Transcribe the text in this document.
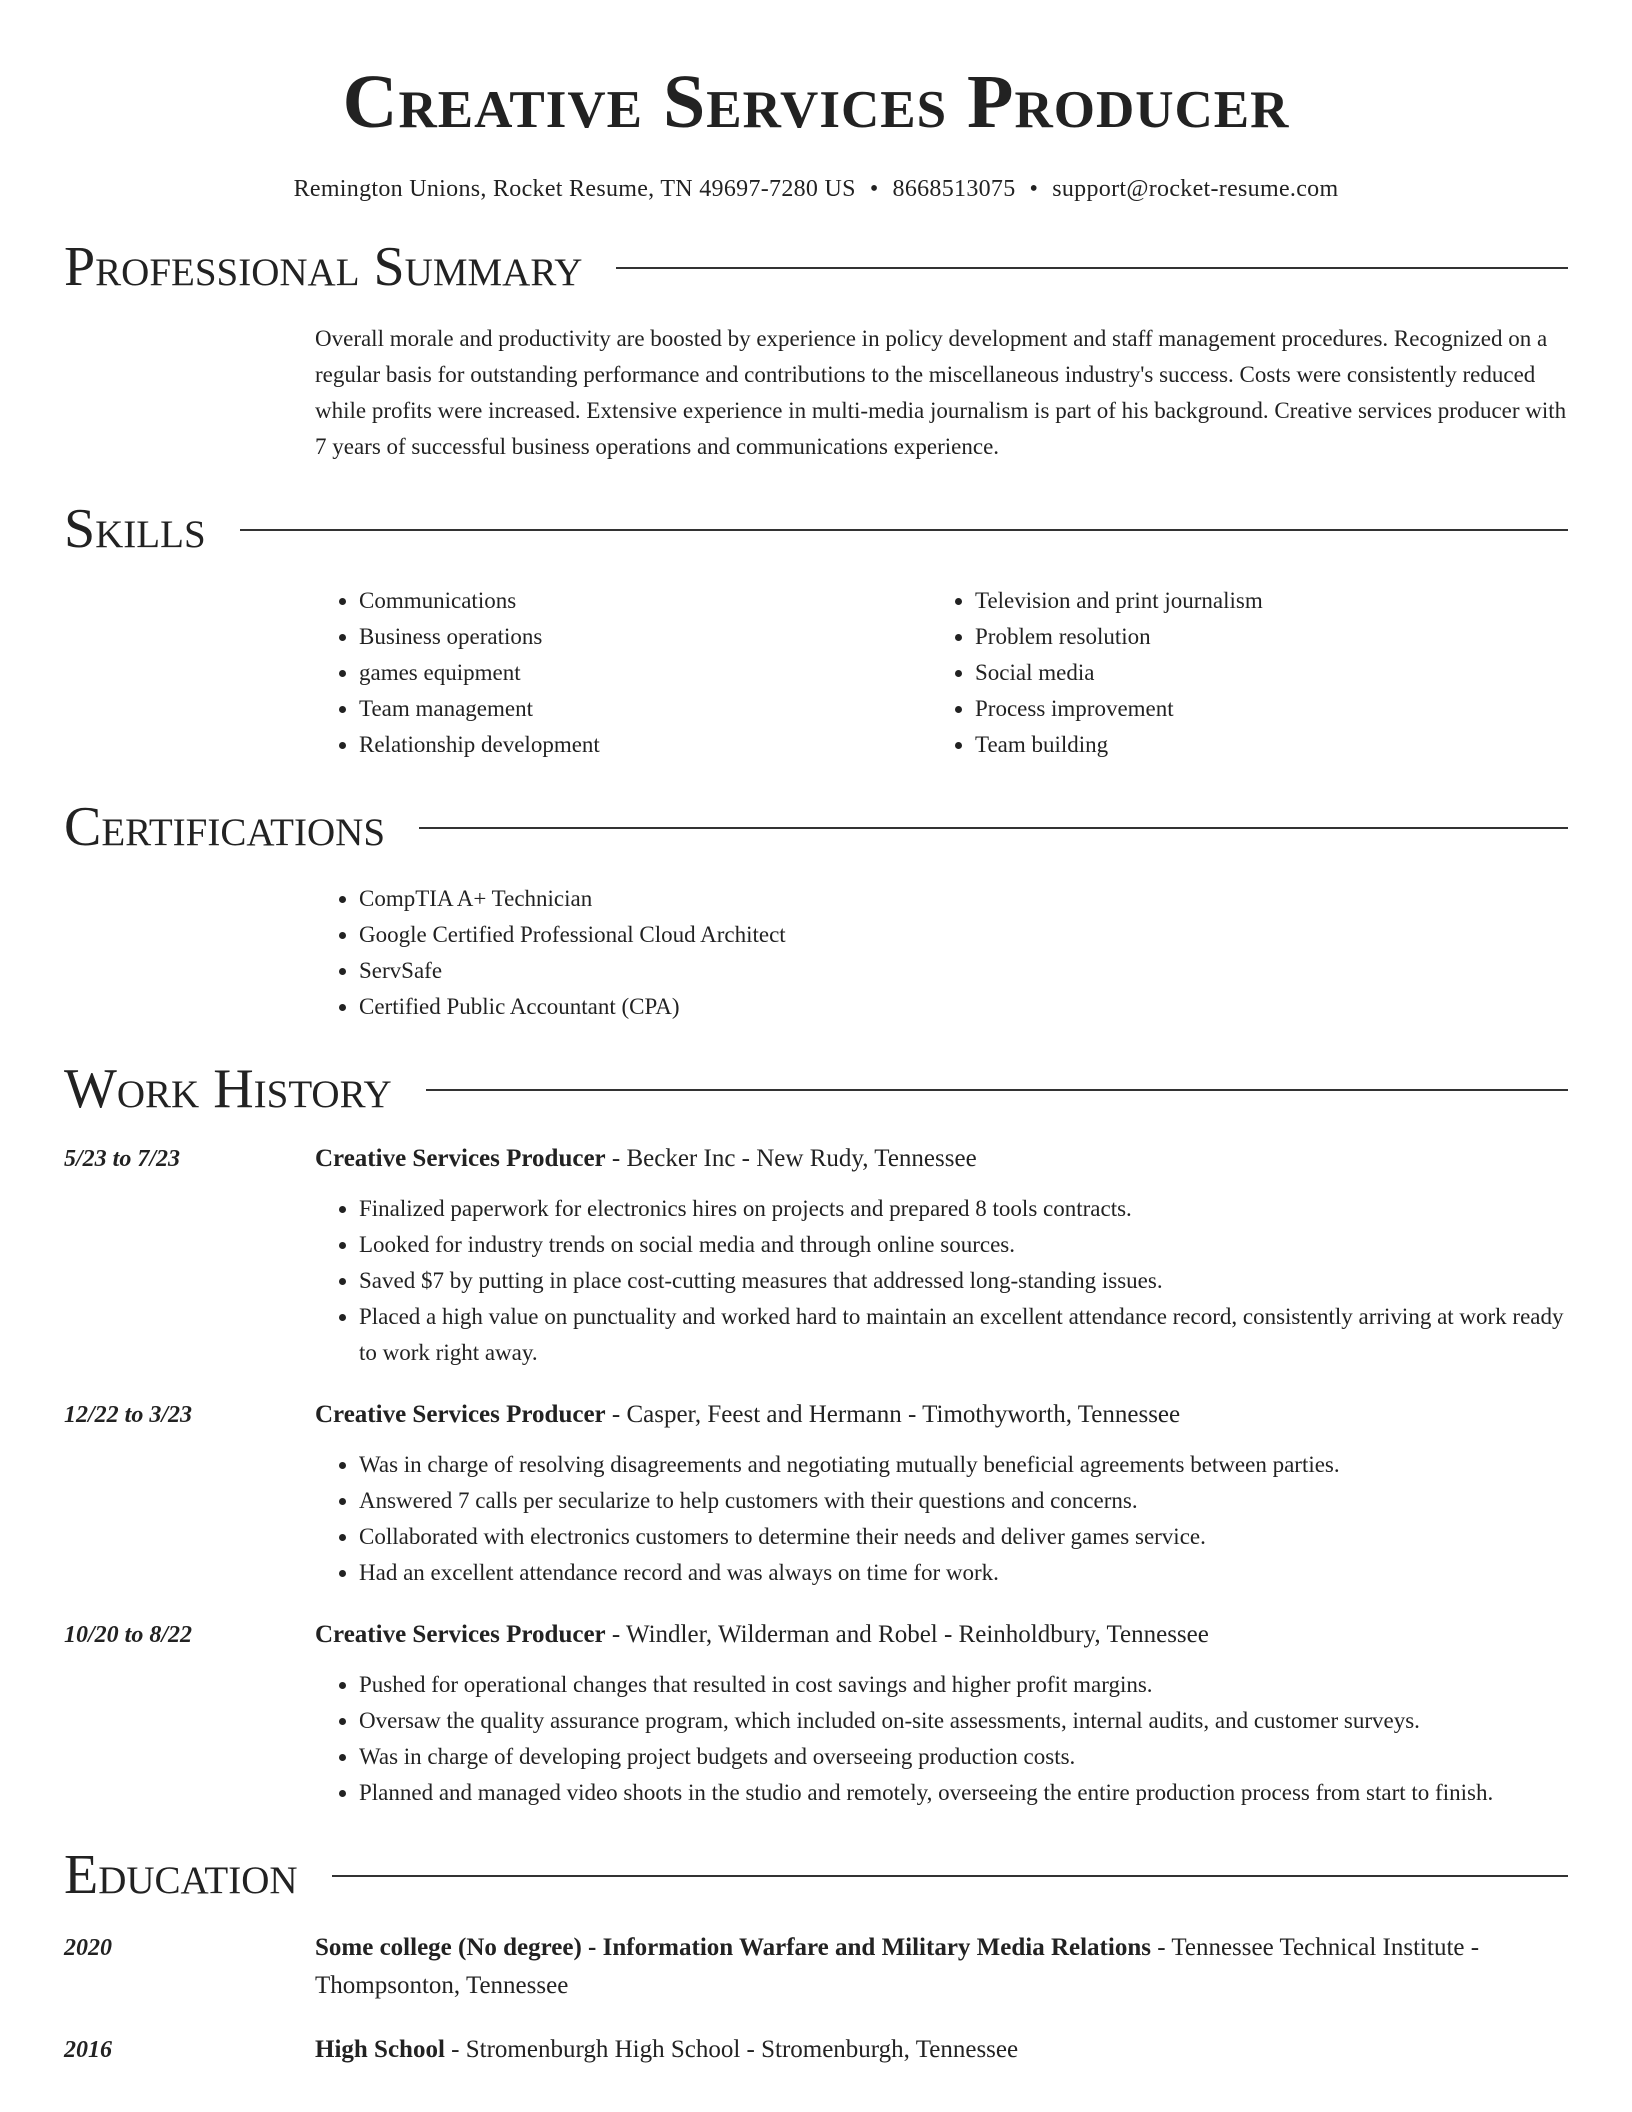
Creative Services Producer
Remington Unions, Rocket Resume, TN 49697-7280 US • 8668513075 • support@rocket-resume.com
Professional Summary

Overall morale and productivity are boosted by experience in policy development and staff management procedures. Recognized on a regular basis for outstanding performance and contributions to the miscellaneous industry's success. Costs were consistently reduced while profits were increased. Extensive experience in multi-media journalism is part of his background. Creative services producer with 7 years of successful business operations and communications experience.

Skills
• Communications
• Business operations
• games equipment
• Team management
• Relationship development
• Television and print journalism
• Problem resolution
• Social media
• Process improvement
• Team building
Certifications
• CompTIA A+ Technician
• Google Certified Professional Cloud Architect
• ServSafe
• Certified Public Accountant (CPA)
Work History
5/23 to 7/23	Creative Services Producer - Becker Inc - New Rudy, Tennessee
• Finalized paperwork for electronics hires on projects and prepared 8 tools contracts.
• Looked for industry trends on social media and through online sources.
• Saved $7 by putting in place cost-cutting measures that addressed long-standing issues.
• Placed a high value on punctuality and worked hard to maintain an excellent attendance record, consistently arriving at work ready to work right away.
12/22 to 3/23	Creative Services Producer - Casper, Feest and Hermann - Timothyworth, Tennessee
• Was in charge of resolving disagreements and negotiating mutually beneficial agreements between parties.
• Answered 7 calls per secularize to help customers with their questions and concerns.
• Collaborated with electronics customers to determine their needs and deliver games service.
• Had an excellent attendance record and was always on time for work.
10/20 to 8/22	Creative Services Producer - Windler, Wilderman and Robel - Reinholdbury, Tennessee
• Pushed for operational changes that resulted in cost savings and higher profit margins.
• Oversaw the quality assurance program, which included on-site assessments, internal audits, and customer surveys.
• Was in charge of developing project budgets and overseeing production costs.
• Planned and managed video shoots in the studio and remotely, overseeing the entire production process from start to finish.
Education
2020	Some college (No degree) - Information Warfare and Military Media Relations - Tennessee Technical Institute - Thompsonton, Tennessee
2016	High School - Stromenburgh High School - Stromenburgh, Tennessee
